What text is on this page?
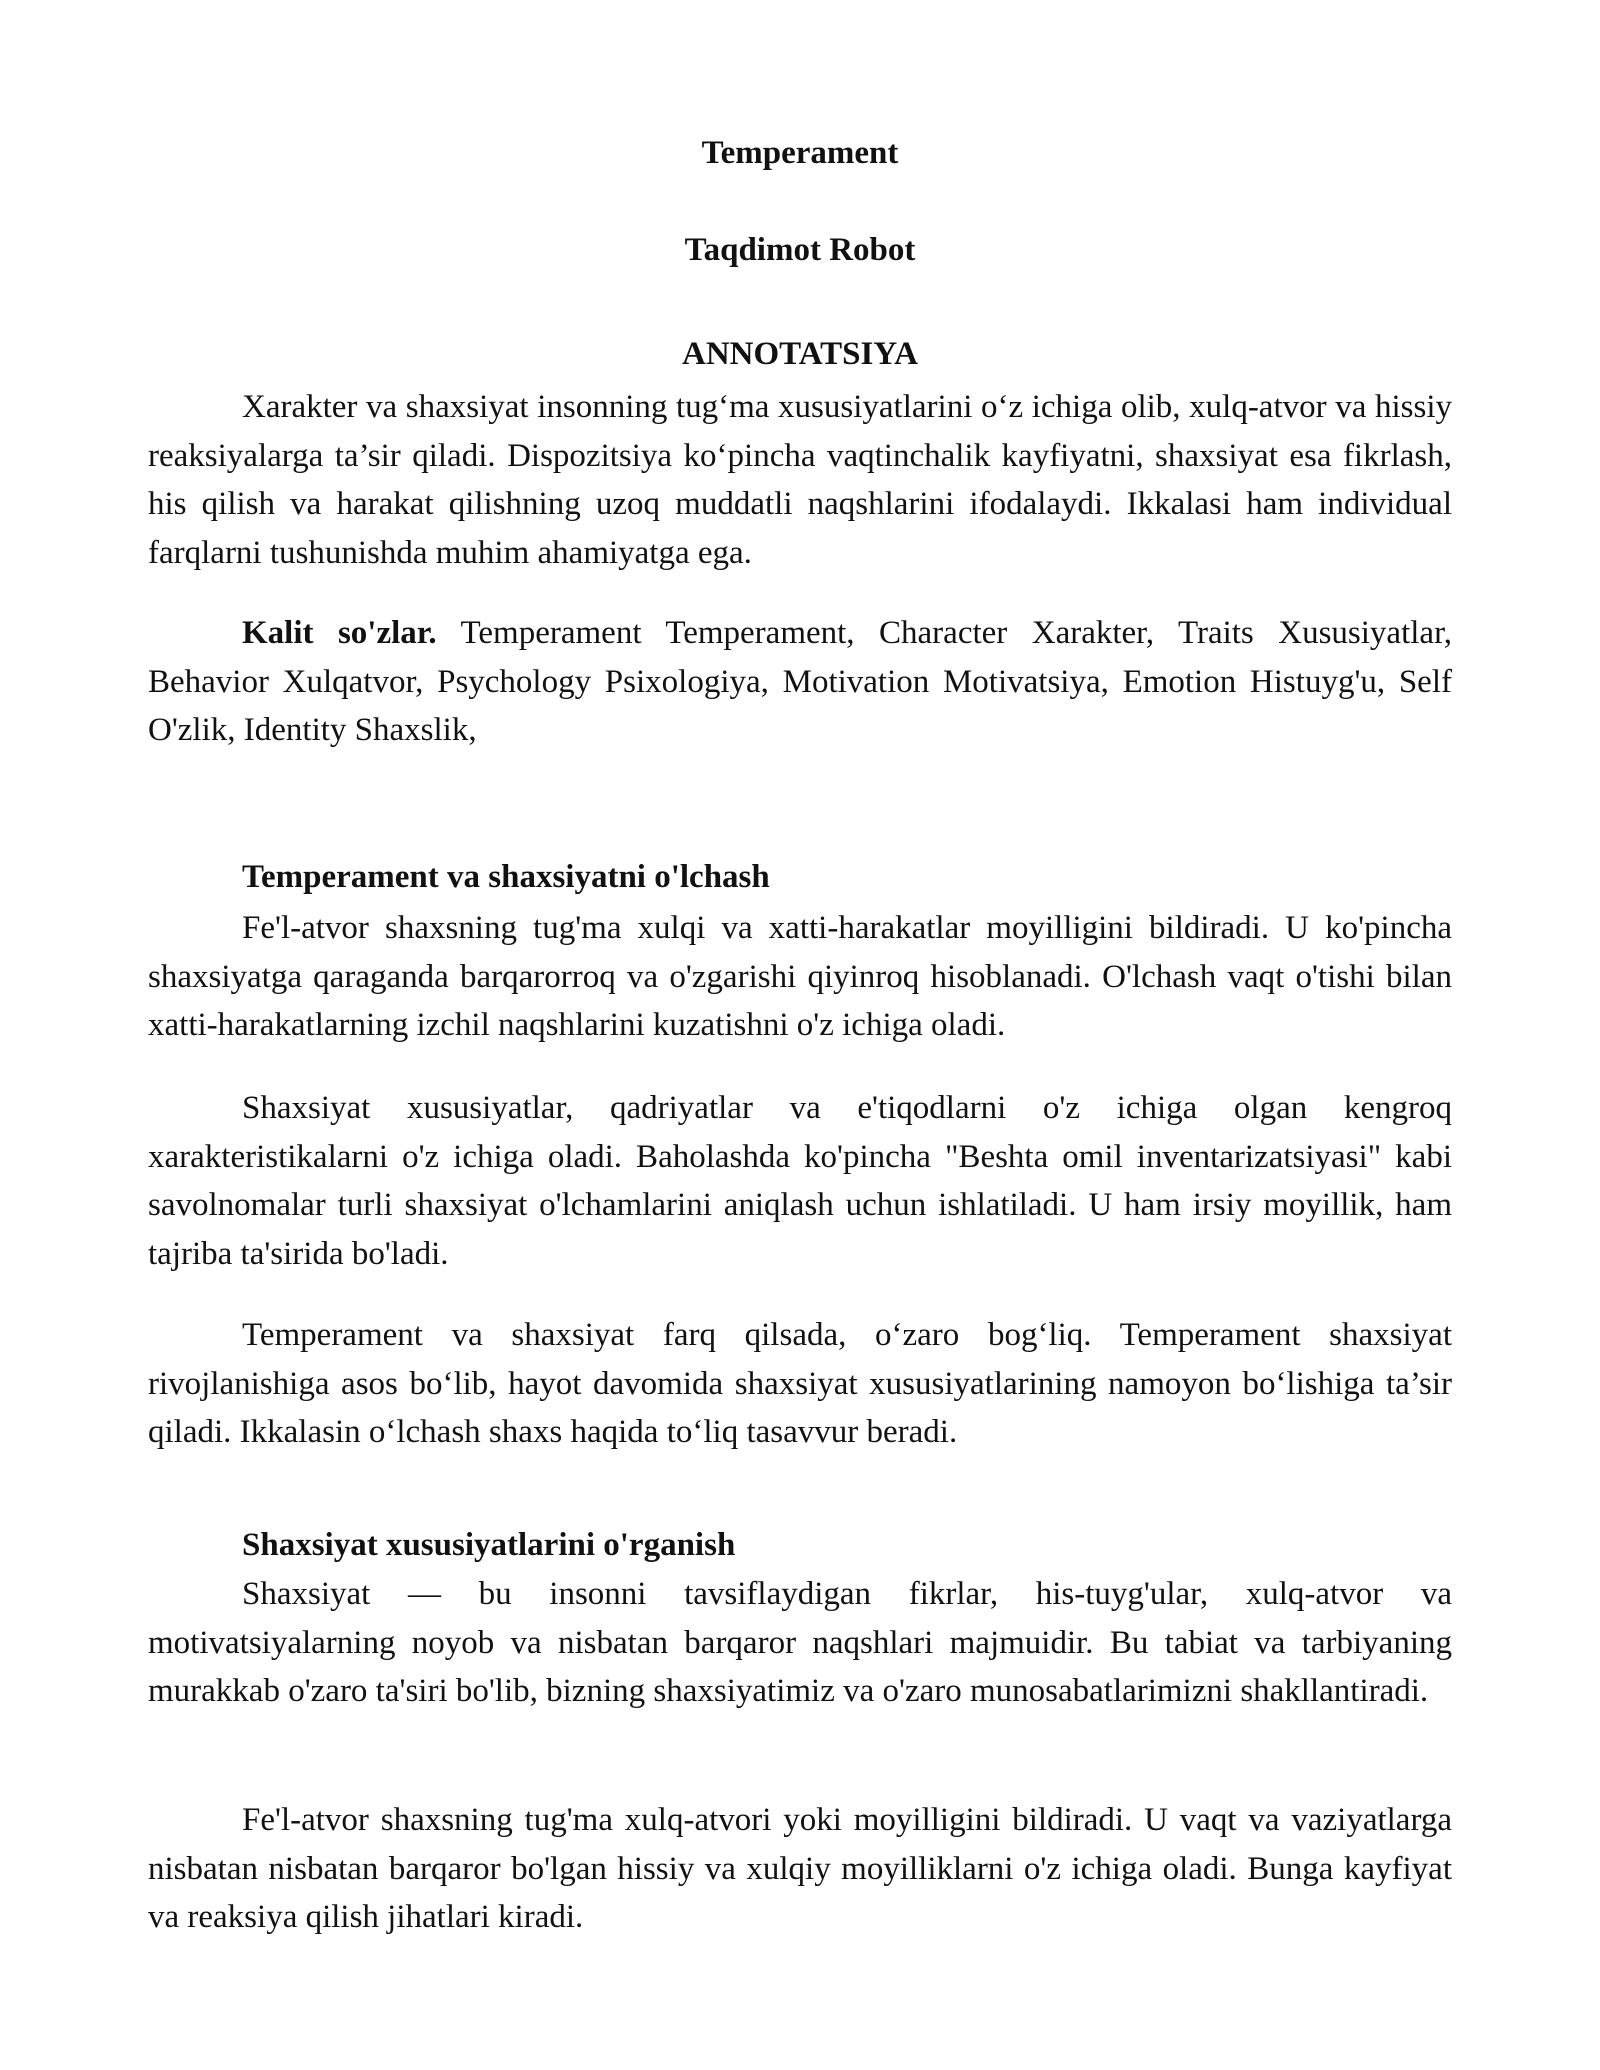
Temperament

Taqdimot Robot

ANNOTATSIYA

Xarakter va shaxsiyat insonning tug‘ma xususiyatlarini o‘z ichiga olib, xulq-atvor va hissiy reaksiyalarga ta’sir qiladi. Dispozitsiya ko‘pincha vaqtinchalik kayfiyatni, shaxsiyat esa fikrlash, his qilish va harakat qilishning uzoq muddatli naqshlarini ifodalaydi. Ikkalasi ham individual farqlarni tushunishda muhim ahamiyatga ega.

Kalit so'zlar. Temperament Temperament, Character Xarakter, Traits Xususiyatlar, Behavior Xulqatvor, Psychology Psixologiya, Motivation Motivatsiya, Emotion Histuyg'u, Self O'zlik, Identity Shaxslik,

Temperament va shaxsiyatni o'lchash

Fe'l-atvor shaxsning tug'ma xulqi va xatti-harakatlar moyilligini bildiradi. U ko'pincha shaxsiyatga qaraganda barqarorroq va o'zgarishi qiyinroq hisoblanadi. O'lchash vaqt o'tishi bilan xatti-harakatlarning izchil naqshlarini kuzatishni o'z ichiga oladi.

Shaxsiyat xususiyatlar, qadriyatlar va e'tiqodlarni o'z ichiga olgan kengroq xarakteristikalarni o'z ichiga oladi. Baholashda ko'pincha "Beshta omil inventarizatsiyasi" kabi savolnomalar turli shaxsiyat o'lchamlarini aniqlash uchun ishlatiladi. U ham irsiy moyillik, ham tajriba ta'sirida bo'ladi.

Temperament va shaxsiyat farq qilsada, o‘zaro bog‘liq. Temperament shaxsiyat rivojlanishiga asos bo‘lib, hayot davomida shaxsiyat xususiyatlarining namoyon bo‘lishiga ta’sir qiladi. Ikkalasin o‘lchash shaxs haqida to‘liq tasavvur beradi.

Shaxsiyat xususiyatlarini o'rganish

Shaxsiyat — bu insonni tavsiflaydigan fikrlar, his-tuyg'ular, xulq-atvor va motivatsiyalarning noyob va nisbatan barqaror naqshlari majmuidir. Bu tabiat va tarbiyaning murakkab o'zaro ta'siri bo'lib, bizning shaxsiyatimiz va o'zaro munosabatlarimizni shakllantiradi.

Fe'l-atvor shaxsning tug'ma xulq-atvori yoki moyilligini bildiradi. U vaqt va vaziyatlarga nisbatan nisbatan barqaror bo'lgan hissiy va xulqiy moyilliklarni o'z ichiga oladi. Bunga kayfiyat va reaksiya qilish jihatlari kiradi.
